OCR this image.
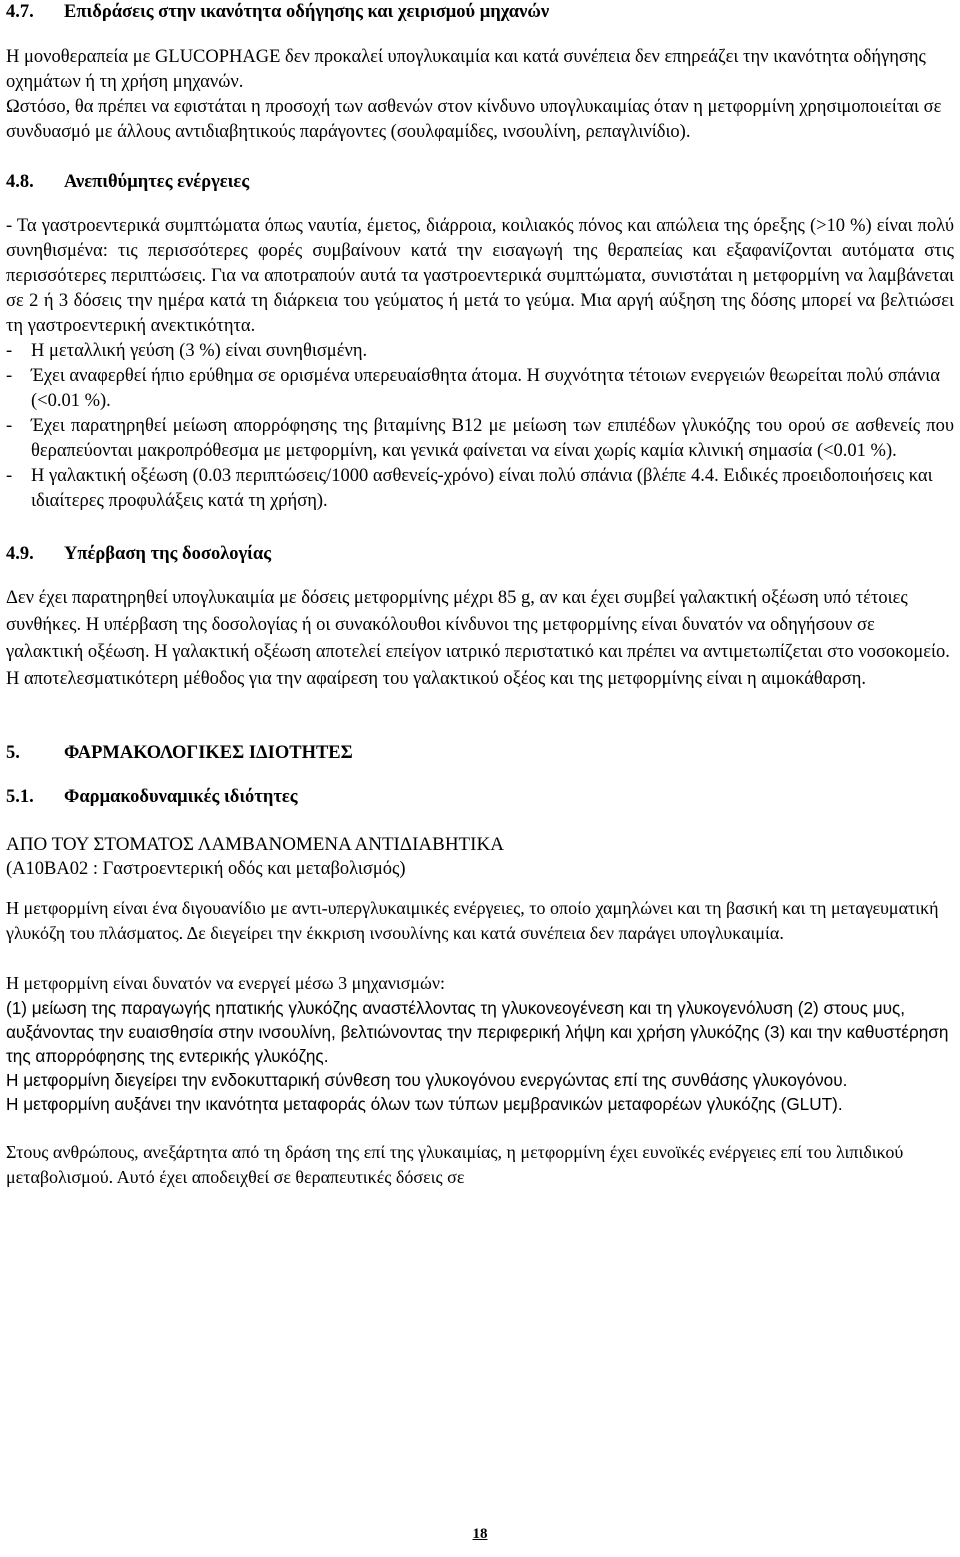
4.7.	Επιδράσεις στην ικανότητα οδήγησης και χειρισμού μηχανών

Η μονοθεραπεία με GLUCOPHAGE δεν προκαλεί υπογλυκαιμία και κατά συνέπεια δεν επηρεάζει την ικανότητα οδήγησης οχημάτων ή τη χρήση μηχανών.

Ωστόσο, θα πρέπει να εφιστάται η προσοχή των ασθενών στον κίνδυνο υπογλυκαιμίας όταν η μετφορμίνη χρησιμοποιείται σε συνδυασμό με άλλους αντιδιαβητικούς παράγοντες (σουλφαμίδες, ινσουλίνη, ρεπαγλινίδιο).

4.8.	Ανεπιθύμητες ενέργειες

- Τα γαστροεντερικά συμπτώματα όπως ναυτία, έμετος, διάρροια, κοιλιακός πόνος και απώλεια της όρεξης (>10 %) είναι πολύ συνηθισμένα: τις περισσότερες φορές συμβαίνουν κατά την εισαγωγή της θεραπείας και εξαφανίζονται αυτόματα στις περισσότερες περιπτώσεις. Για να αποτραπούν αυτά τα γαστροεντερικά συμπτώματα, συνιστάται η μετφορμίνη να λαμβάνεται σε 2 ή 3 δόσεις την ημέρα κατά τη διάρκεια του γεύματος ή μετά το γεύμα. Μια αργή αύξηση της δόσης μπορεί να βελτιώσει τη γαστροεντερική ανεκτικότητα.

-	Η μεταλλική γεύση (3 %) είναι συνηθισμένη.
-	Έχει αναφερθεί ήπιο ερύθημα σε ορισμένα υπερευαίσθητα άτομα. Η συχνότητα τέτοιων ενεργειών θεωρείται πολύ σπάνια (<0.01 %).
-	Έχει παρατηρηθεί μείωση απορρόφησης της βιταμίνης Β12 με μείωση των επιπέδων γλυκόζης του ορού σε ασθενείς που θεραπεύονται μακροπρόθεσμα με μετφορμίνη, και γενικά φαίνεται να είναι χωρίς καμία κλινική σημασία (<0.01 %).
-	Η γαλακτική οξέωση (0.03 περιπτώσεις/1000 ασθενείς-χρόνο) είναι πολύ σπάνια (βλέπε 4.4. Ειδικές προειδοποιήσεις και ιδιαίτερες προφυλάξεις κατά τη χρήση).
4.9.	Υπέρβαση της δοσολογίας

Δεν έχει παρατηρηθεί υπογλυκαιμία με δόσεις μετφορμίνης μέχρι 85 g, αν και έχει συμβεί γαλακτική οξέωση υπό τέτοιες συνθήκες. Η υπέρβαση της δοσολογίας ή οι συνακόλουθοι κίνδυνοι της μετφορμίνης είναι δυνατόν να οδηγήσουν σε γαλακτική οξέωση. Η γαλακτική οξέωση αποτελεί επείγον ιατρικό περιστατικό και πρέπει να αντιμετωπίζεται στο νοσοκομείο. Η αποτελεσματικότερη μέθοδος για την αφαίρεση του γαλακτικού οξέος και της μετφορμίνης είναι η αιμοκάθαρση.

5.	ΦΑΡΜΑΚΟΛΟΓΙΚΕΣ ΙΔΙΟΤΗΤΕΣ
5.1.	Φαρμακοδυναμικές ιδιότητες

ΑΠΟ ΤΟΥ ΣΤΟΜΑΤΟΣ ΛΑΜΒΑΝΟΜΕΝΑ ΑΝΤΙΔΙΑΒΗΤΙΚΑ

(A10BA02 : Γαστροεντερική οδός και μεταβολισμός)

Η μετφορμίνη είναι ένα διγουανίδιο με αντι-υπεργλυκαιμικές ενέργειες, το οποίο χαμηλώνει και τη βασική και τη μεταγευματική γλυκόζη του πλάσματος. Δε διεγείρει την έκκριση ινσουλίνης και κατά συνέπεια δεν παράγει υπογλυκαιμία.

Η μετφορμίνη είναι δυνατόν να ενεργεί μέσω 3 μηχανισμών:

(1) μείωση της παραγωγής ηπατικής γλυκόζης αναστέλλοντας τη γλυκονεογένεση και τη γλυκογενόλυση (2) στους μυς, αυξάνοντας την ευαισθησία στην ινσουλίνη, βελτιώνοντας την περιφερική λήψη και χρήση γλυκόζης (3) και την καθυστέρηση της απορρόφησης της εντερικής γλυκόζης.

Η μετφορμίνη διεγείρει την ενδοκυτταρική σύνθεση του γλυκογόνου ενεργώντας επί της συνθάσης γλυκογόνου.

Η μετφορμίνη αυξάνει την ικανότητα μεταφοράς όλων των τύπων μεμβρανικών μεταφορέων γλυκόζης (GLUT).

Στους ανθρώπους, ανεξάρτητα από τη δράση της επί της γλυκαιμίας, η μετφορμίνη έχει ευνοϊκές ενέργειες επί του λιπιδικού μεταβολισμού. Αυτό έχει αποδειχθεί σε θεραπευτικές δόσεις σε

18
